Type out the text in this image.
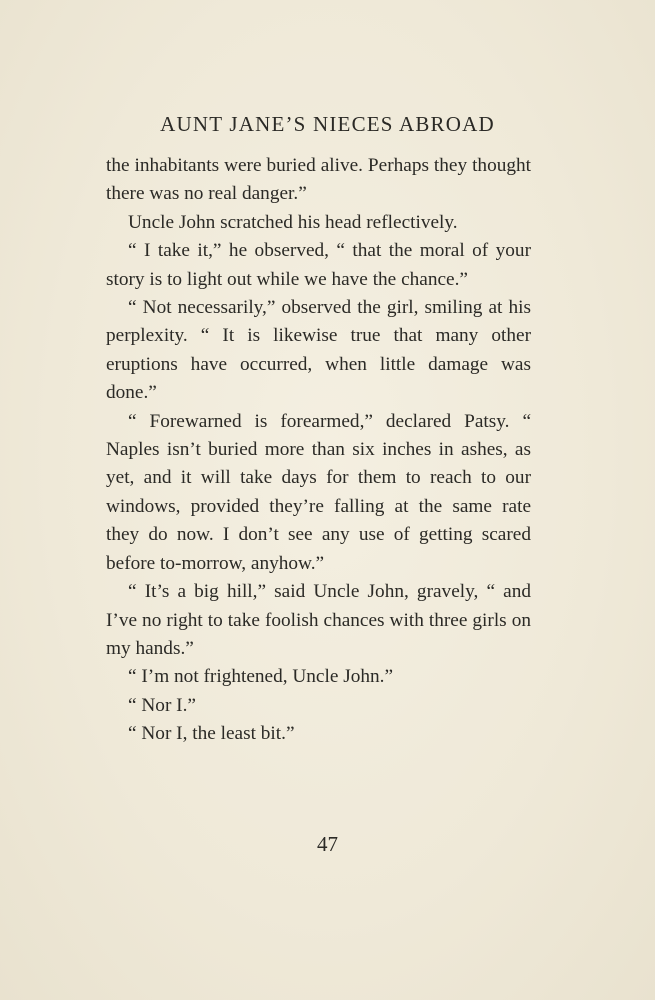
AUNT JANE’S NIECES ABROAD

the inhabitants were buried alive. Perhaps they thought there was no real danger.”

Uncle John scratched his head reflectively.

“ I take it,” he observed, “ that the moral of your story is to light out while we have the chance.”

“ Not necessarily,” observed the girl, smiling at his perplexity. “ It is likewise true that many other eruptions have occurred, when little damage was done.”

“ Forewarned is forearmed,” declared Patsy. “ Naples isn’t buried more than six inches in ashes, as yet, and it will take days for them to reach to our windows, provided they’re falling at the same rate they do now. I don’t see any use of getting scared before to-morrow, anyhow.”

“ It’s a big hill,” said Uncle John, gravely, “ and I’ve no right to take foolish chances with three girls on my hands.”

“ I’m not frightened, Uncle John.”

“ Nor I.”

“ Nor I, the least bit.”

47
